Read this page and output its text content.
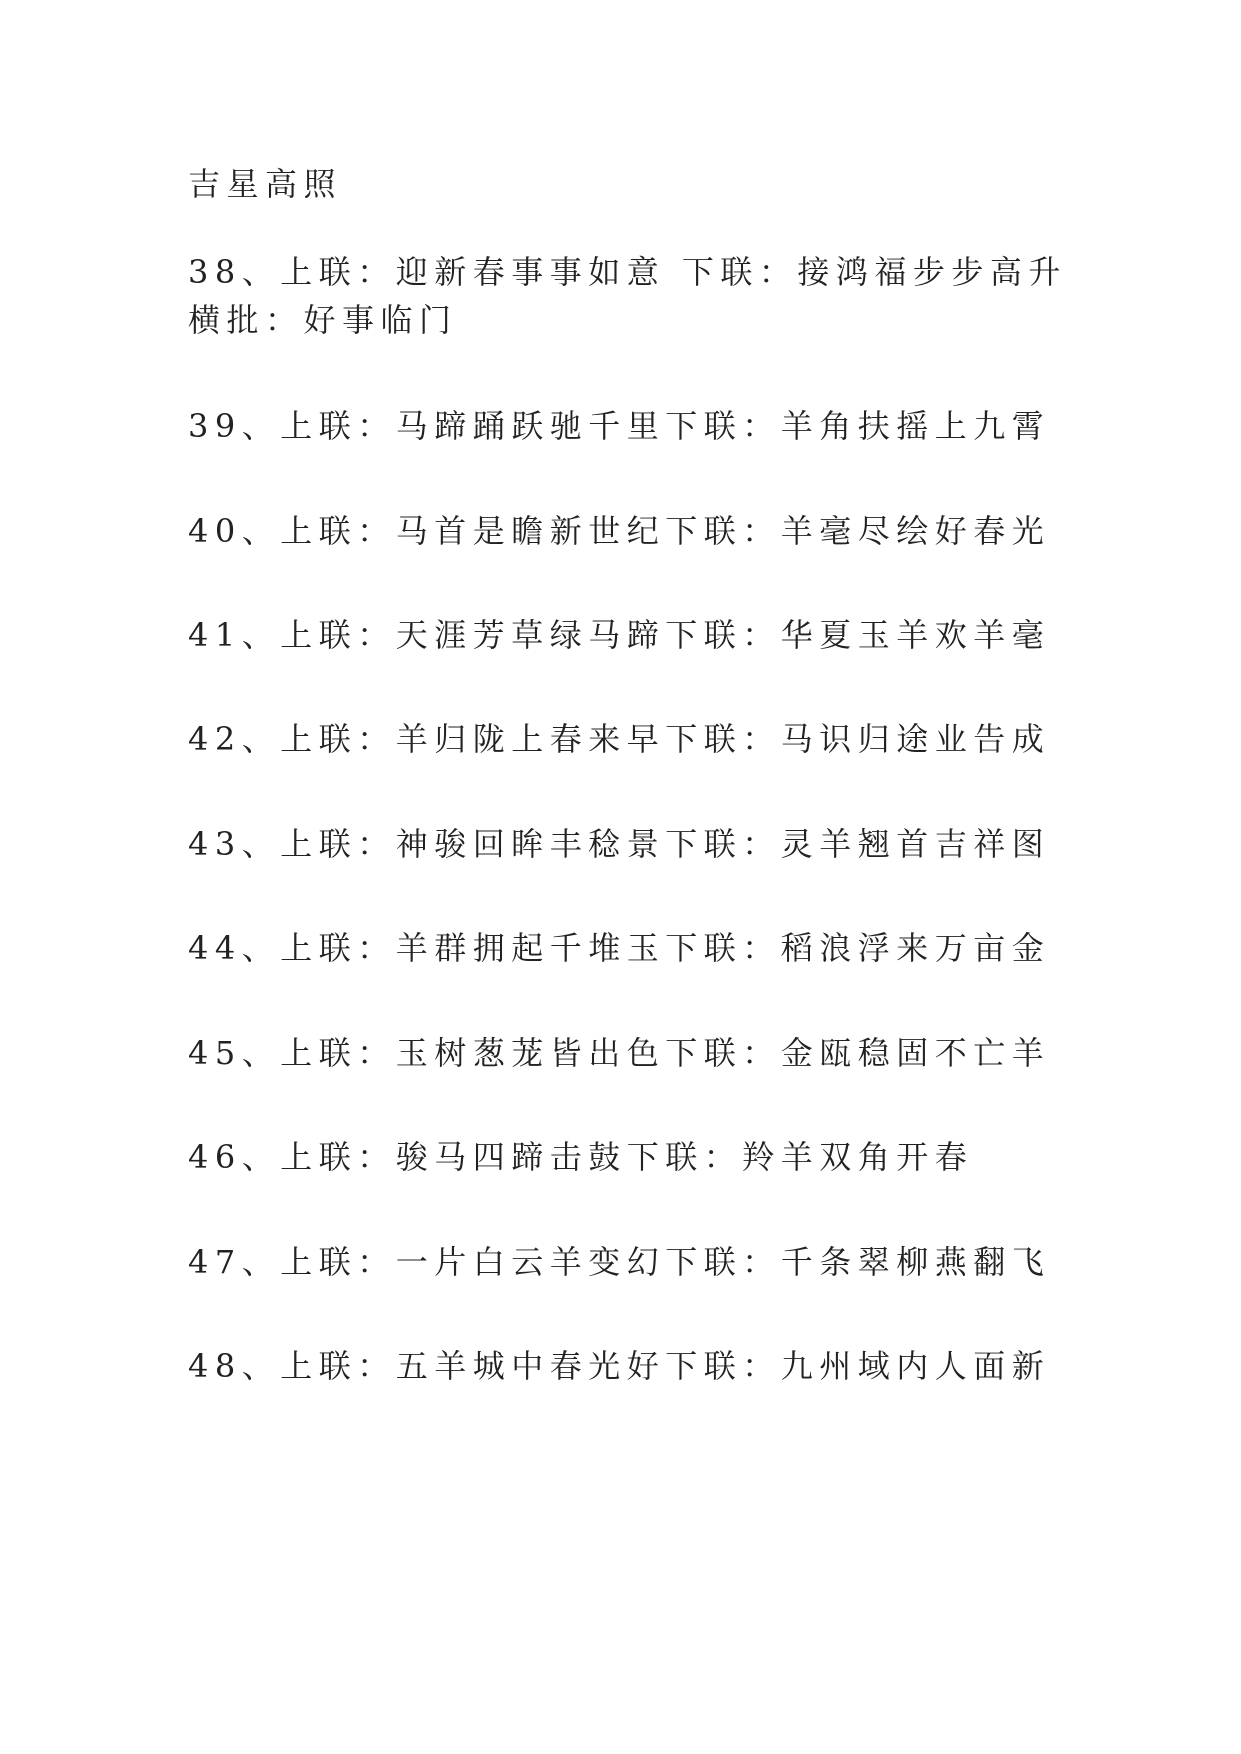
吉星高照

38、上联：迎新春事事如意 下联：接鸿福步步高升 横批：好事临门

39、上联：马蹄踊跃驰千里下联：羊角扶摇上九霄

40、上联：马首是瞻新世纪下联：羊毫尽绘好春光

41、上联：天涯芳草绿马蹄下联：华夏玉羊欢羊毫

42、上联：羊归陇上春来早下联：马识归途业告成

43、上联：神骏回眸丰稔景下联：灵羊翘首吉祥图

44、上联：羊群拥起千堆玉下联：稻浪浮来万亩金

45、上联：玉树葱茏皆出色下联：金瓯稳固不亡羊

46、上联：骏马四蹄击鼓下联：羚羊双角开春

47、上联：一片白云羊变幻下联：千条翠柳燕翻飞

48、上联：五羊城中春光好下联：九州域内人面新
